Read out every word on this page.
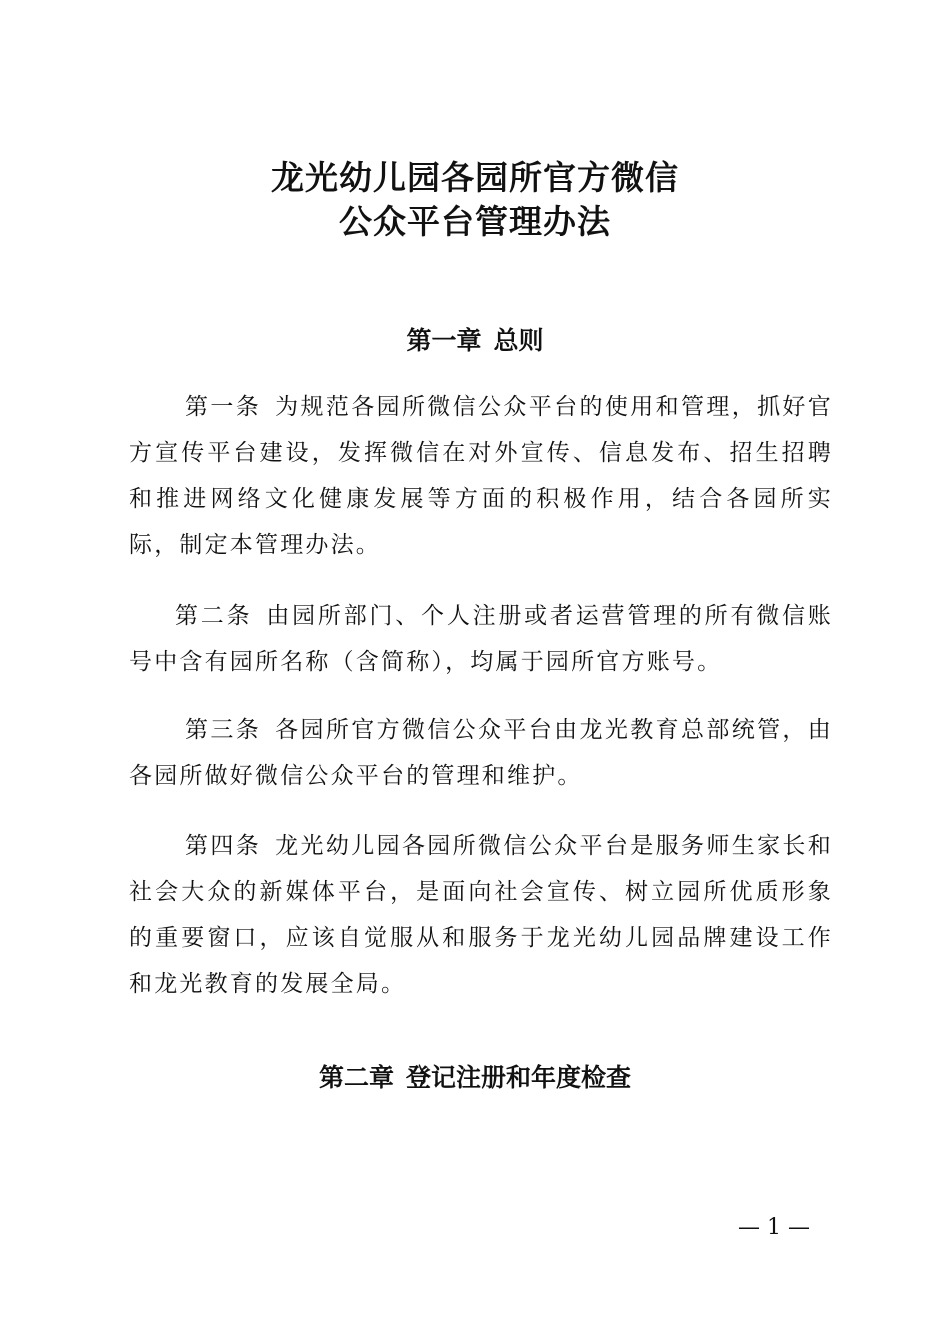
龙光幼儿园各园所官方微信
公众平台管理办法
第一章 总则

第一条 为规范各园所微信公众平台的使用和管理，抓好官方宣传平台建设，发挥微信在对外宣传、信息发布、招生招聘和推进网络文化健康发展等方面的积极作用，结合各园所实际，制定本管理办法。

第二条 由园所部门、个人注册或者运营管理的所有微信账号中含有园所名称（含简称），均属于园所官方账号。

第三条 各园所官方微信公众平台由龙光教育总部统管，由各园所做好微信公众平台的管理和维护。

第四条 龙光幼儿园各园所微信公众平台是服务师生家长和社会大众的新媒体平台，是面向社会宣传、树立园所优质形象的重要窗口，应该自觉服从和服务于龙光幼儿园品牌建设工作和龙光教育的发展全局。

第二章 登记注册和年度检查
— 1 —
